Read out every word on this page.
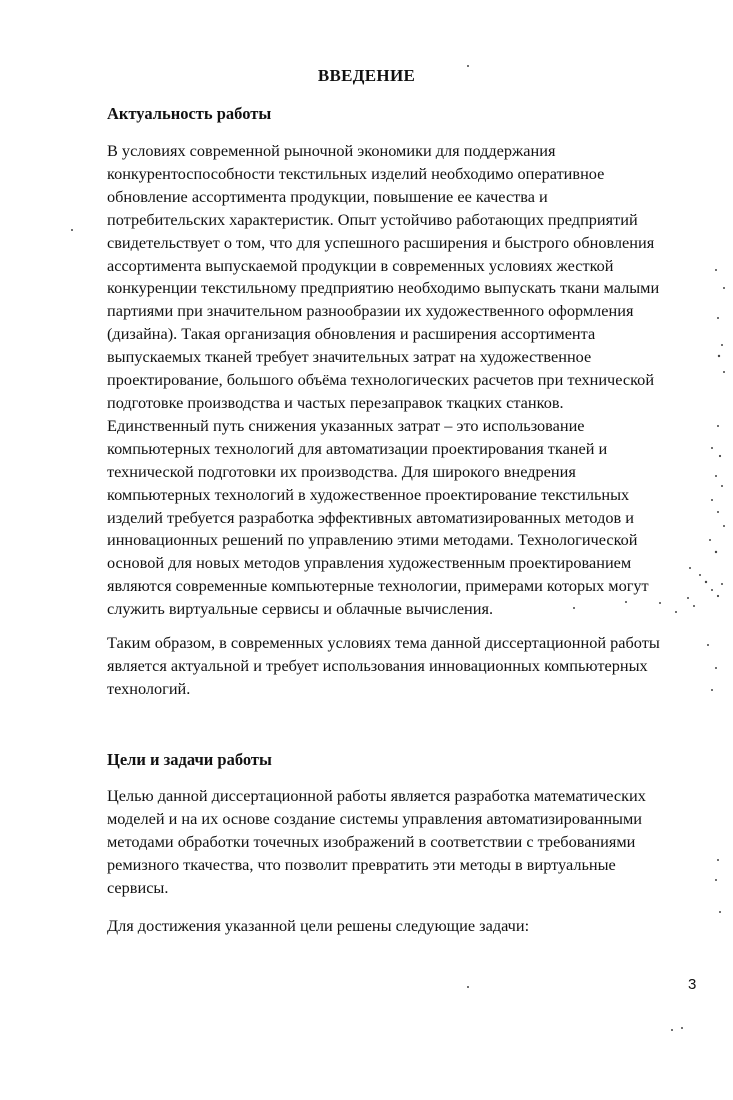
ВВЕДЕНИЕ
Актуальность работы

В условиях современной рыночной экономики для поддержания
конкурентоспособности текстильных изделий необходимо оперативное
обновление ассортимента продукции, повышение ее качества и
потребительских характеристик. Опыт устойчиво работающих предприятий
свидетельствует о том, что для успешного расширения и быстрого обновления
ассортимента выпускаемой продукции в современных условиях жесткой
конкуренции текстильному предприятию необходимо выпускать ткани малыми
партиями при значительном разнообразии их художественного оформления
(дизайна). Такая организация обновления и расширения ассортимента
выпускаемых тканей требует значительных затрат на художественное
проектирование, большого объёма технологических расчетов при технической
подготовке производства и частых перезаправок ткацких станков.
Единственный путь снижения указанных затрат – это использование
компьютерных технологий для автоматизации проектирования тканей и
технической подготовки их производства. Для широкого внедрения
компьютерных технологий в художественное проектирование текстильных
изделий требуется разработка эффективных автоматизированных методов и
инновационных решений по управлению этими методами. Технологической
основой для новых методов управления художественным проектированием
являются современные компьютерные технологии, примерами которых могут
служить виртуальные сервисы и облачные вычисления.

Таким образом, в современных условиях тема данной диссертационной работы
является актуальной и требует использования инновационных компьютерных
технологий.

Цели и задачи работы

Целью данной диссертационной работы является разработка математических
моделей и на их основе создание системы управления автоматизированными
методами обработки точечных изображений в соответствии с требованиями
ремизного ткачества, что позволит превратить эти методы в виртуальные
сервисы.

Для достижения указанной цели решены следующие задачи:

3
